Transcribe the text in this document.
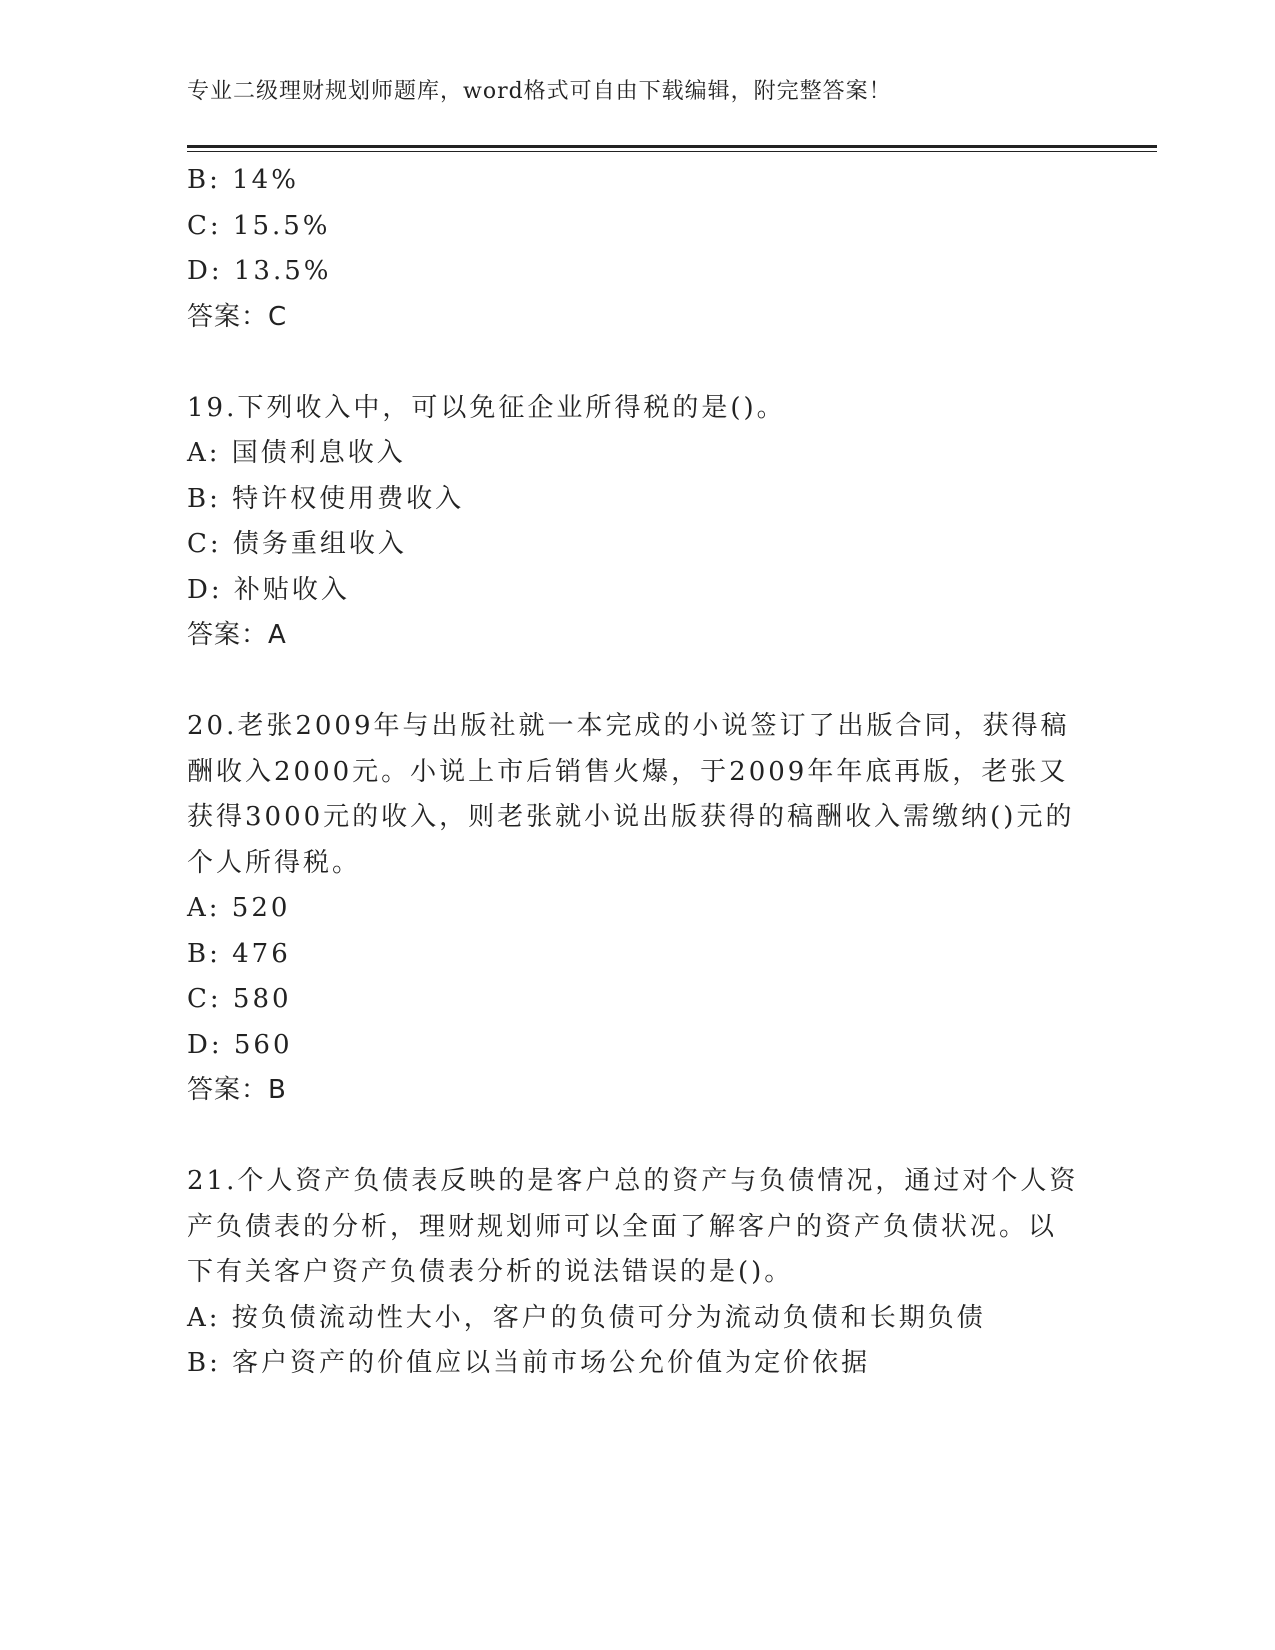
专业二级理财规划师题库，word格式可自由下载编辑，附完整答案！
B: 14%
C: 15.5%
D: 13.5%
答案：C
19.下列收入中，可以免征企业所得税的是()。
A: 国债利息收入
B: 特许权使用费收入
C: 债务重组收入
D: 补贴收入
答案：A
20.老张2009年与出版社就一本完成的小说签订了出版合同，获得稿
酬收入2000元。小说上市后销售火爆，于2009年年底再版，老张又
获得3000元的收入，则老张就小说出版获得的稿酬收入需缴纳()元的
个人所得税。
A: 520
B: 476
C: 580
D: 560
答案：B
21.个人资产负债表反映的是客户总的资产与负债情况，通过对个人资
产负债表的分析，理财规划师可以全面了解客户的资产负债状况。以
下有关客户资产负债表分析的说法错误的是()。
A: 按负债流动性大小，客户的负债可分为流动负债和长期负债
B: 客户资产的价值应以当前市场公允价值为定价依据
